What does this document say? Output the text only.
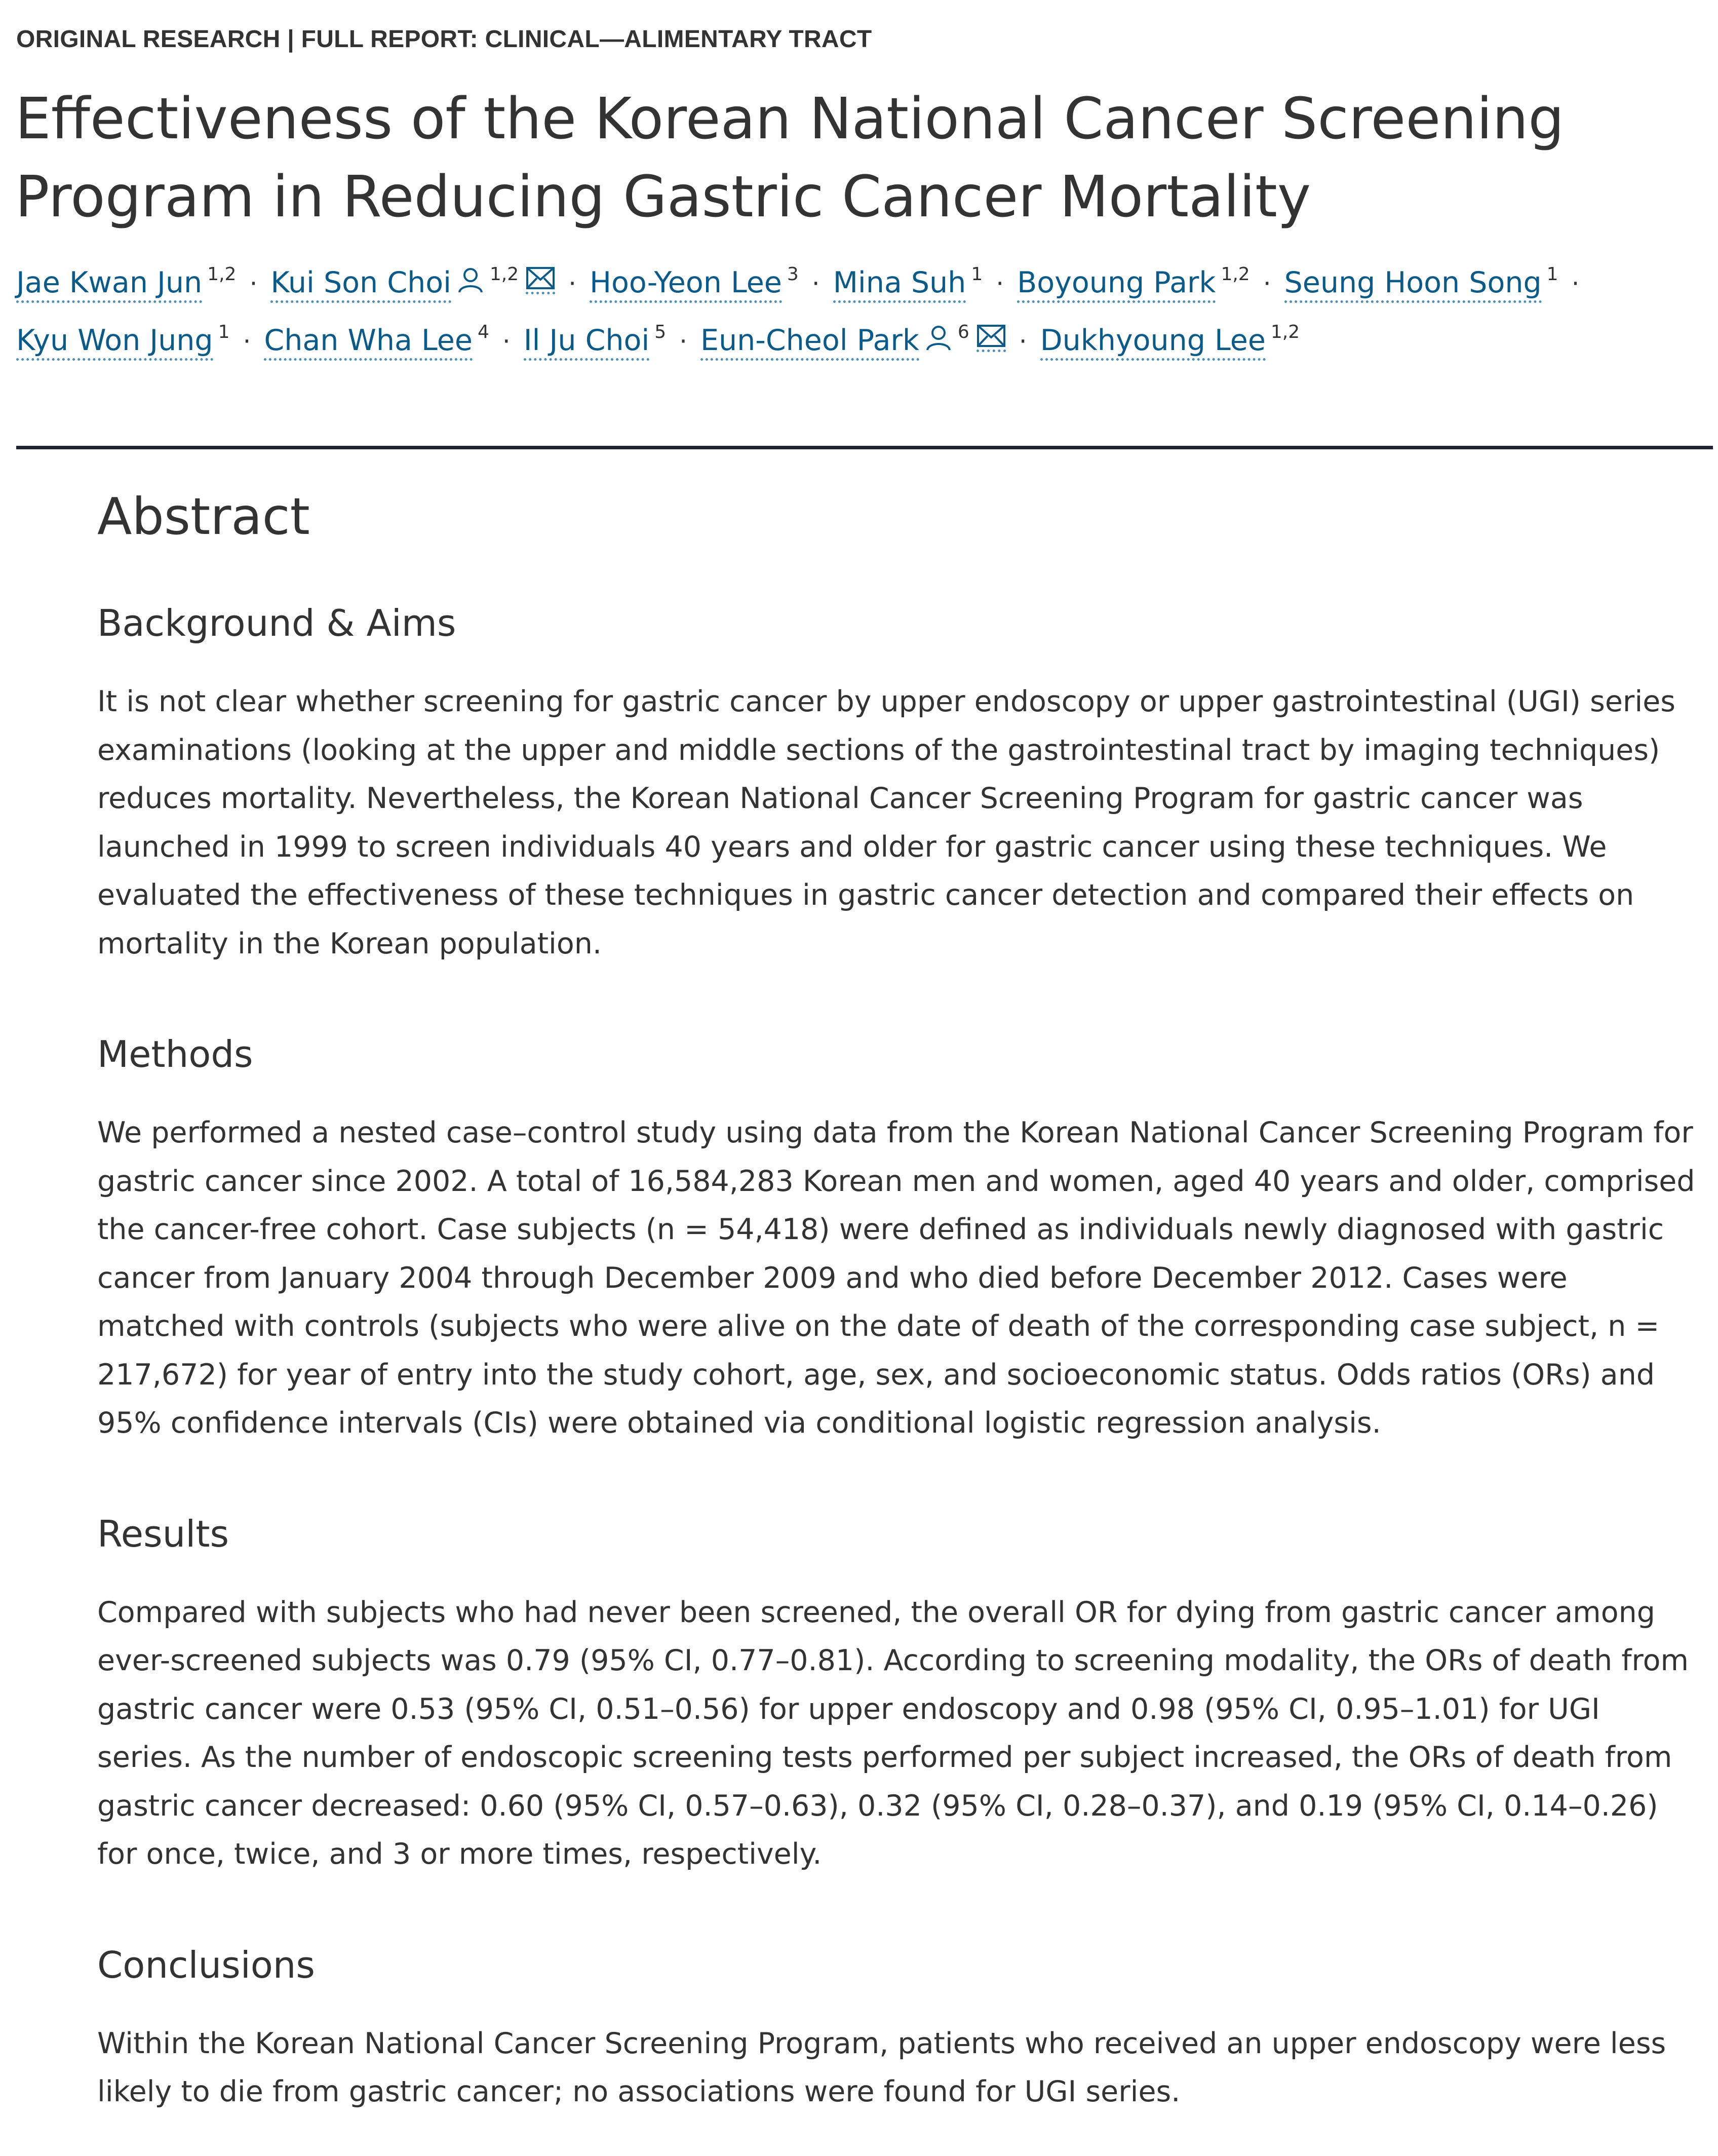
ORIGINAL RESEARCH | FULL REPORT: CLINICAL—ALIMENTARY TRACT
Effectiveness of the Korean National Cancer Screening Program in Reducing Gastric Cancer Mortality
Jae Kwan Jun $^{1,2}$ · Kui Son Choi $^{1,2}$ · Hoo-Yeon Lee $^3$ · Mina Suh $^1$ · Boyoung Park $^{1,2}$ · Seung Hoon Song $^1$ ·
Kyu Won Jung $^1$ · Chan Wha Lee $^4$ · Il Ju Choi $^5$ · Eun-Cheol Park $^6$ · Dukhyoung Lee $^{1,2}$
Abstract
Background & Aims

It is not clear whether screening for gastric cancer by upper endoscopy or upper gastrointestinal (UGI) series examinations (looking at the upper and middle sections of the gastrointestinal tract by imaging techniques) reduces mortality. Nevertheless, the Korean National Cancer Screening Program for gastric cancer was launched in 1999 to screen individuals 40 years and older for gastric cancer using these techniques. We evaluated the effectiveness of these techniques in gastric cancer detection and compared their effects on mortality in the Korean population.

Methods

We performed a nested case–control study using data from the Korean National Cancer Screening Program for gastric cancer since 2002. A total of 16,584,283 Korean men and women, aged 40 years and older, comprised the cancer-free cohort. Case subjects (n = 54,418) were defined as individuals newly diagnosed with gastric cancer from January 2004 through December 2009 and who died before December 2012. Cases were matched with controls (subjects who were alive on the date of death of the corresponding case subject, n = 217,672) for year of entry into the study cohort, age, sex, and socioeconomic status. Odds ratios (ORs) and 95% confidence intervals (CIs) were obtained via conditional logistic regression analysis.

Results

Compared with subjects who had never been screened, the overall OR for dying from gastric cancer among ever-screened subjects was 0.79 (95% CI, 0.77–0.81). According to screening modality, the ORs of death from gastric cancer were 0.53 (95% CI, 0.51–0.56) for upper endoscopy and 0.98 (95% CI, 0.95–1.01) for UGI series. As the number of endoscopic screening tests performed per subject increased, the ORs of death from gastric cancer decreased: 0.60 (95% CI, 0.57–0.63), 0.32 (95% CI, 0.28–0.37), and 0.19 (95% CI, 0.14–0.26) for once, twice, and 3 or more times, respectively.

Conclusions

Within the Korean National Cancer Screening Program, patients who received an upper endoscopy were less likely to die from gastric cancer; no associations were found for UGI series.
